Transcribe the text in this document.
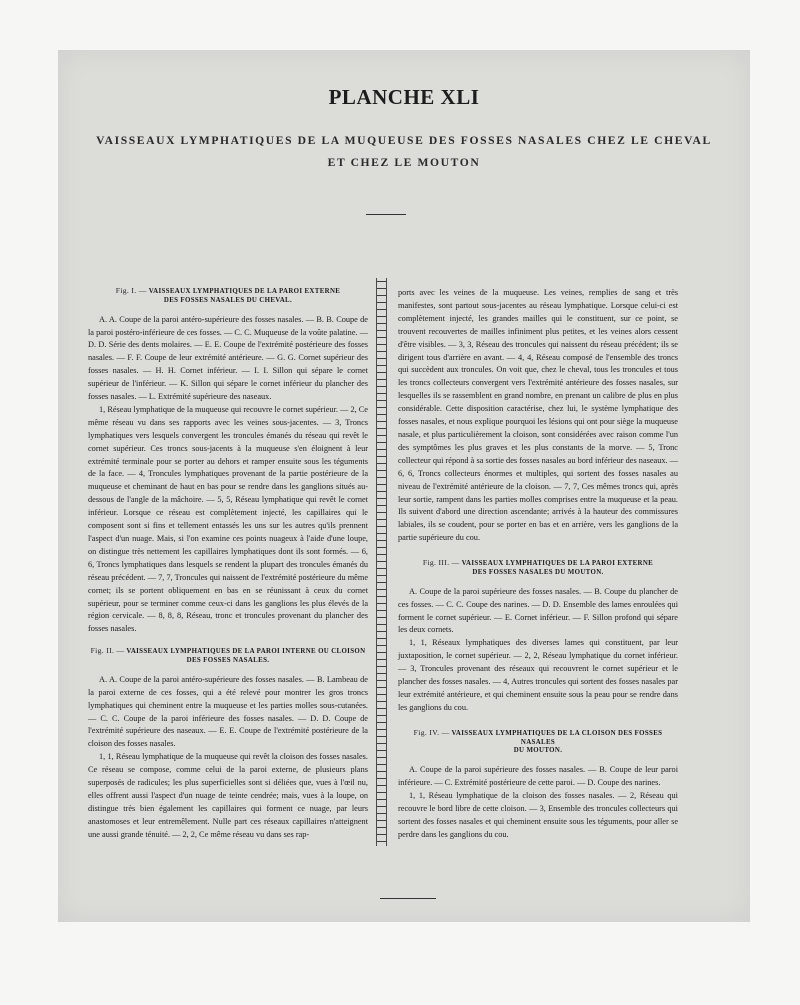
PLANCHE XLI
VAISSEAUX LYMPHATIQUES DE LA MUQUEUSE DES FOSSES NASALES CHEZ LE CHEVAL
ET CHEZ LE MOUTON
Fig. I. — VAISSEAUX LYMPHATIQUES DE LA PAROI EXTERNE
DES FOSSES NASALES DU CHEVAL.

A. A. Coupe de la paroi antéro-supérieure des fosses nasales. — B. B. Coupe de la paroi postéro-inférieure de ces fosses. — C. C. Muqueuse de la voûte palatine. — D. D. Série des dents molaires. — E. E. Coupe de l'extrémité postérieure des fosses nasales. — F. F. Coupe de leur extrémité antérieure. — G. G. Cornet supérieur des fosses nasales. — H. H. Cornet inférieur. — I. I. Sillon qui sépare le cornet supérieur de l'inférieur. — K. Sillon qui sépare le cornet inférieur du plancher des fosses nasales. — L. Extrémité supérieure des naseaux.

1, Réseau lymphatique de la muqueuse qui recouvre le cornet supérieur. — 2, Ce même réseau vu dans ses rapports avec les veines sous-jacentes. — 3, Troncs lymphatiques vers lesquels convergent les troncules émanés du réseau qui revêt le cornet supérieur. Ces troncs sous-jacents à la muqueuse s'en éloignent à leur extrémité terminale pour se porter au dehors et ramper ensuite sous les téguments de la face. — 4, Troncules lymphatiques provenant de la partie postérieure de la muqueuse et cheminant de haut en bas pour se rendre dans les ganglions situés au-dessous de l'angle de la mâchoire. — 5, 5, Réseau lymphatique qui revêt le cornet inférieur. Lorsque ce réseau est complètement injecté, les capillaires qui le composent sont si fins et tellement entassés les uns sur les autres qu'ils prennent l'aspect d'un nuage. Mais, si l'on examine ces points nuageux à l'aide d'une loupe, on distingue très nettement les capillaires lymphatiques dont ils sont formés. — 6, 6, Troncs lymphatiques dans lesquels se rendent la plupart des troncules émanés du réseau précédent. — 7, 7, Troncules qui naissent de l'extrémité postérieure du même cornet; ils se portent obliquement en bas en se réunissant à ceux du cornet supérieur, pour se terminer comme ceux-ci dans les ganglions les plus élevés de la région cervicale. — 8, 8, 8, Réseau, tronc et troncules provenant du plancher des fosses nasales.

Fig. II. — VAISSEAUX LYMPHATIQUES DE LA PAROI INTERNE OU CLOISON
DES FOSSES NASALES.

A. A. Coupe de la paroi antéro-supérieure des fosses nasales. — B. Lambeau de la paroi externe de ces fosses, qui a été relevé pour montrer les gros troncs lymphatiques qui cheminent entre la muqueuse et les parties molles sous-cutanées. — C. C. Coupe de la paroi inférieure des fosses nasales. — D. D. Coupe de l'extrémité supérieure des naseaux. — E. E. Coupe de l'extrémité postérieure de la cloison des fosses nasales.

1, 1, Réseau lymphatique de la muqueuse qui revêt la cloison des fosses nasales. Ce réseau se compose, comme celui de la paroi externe, de plusieurs plans superposés de radicules; les plus superficielles sont si déliées que, vues à l'œil nu, elles offrent aussi l'aspect d'un nuage de teinte cendrée; mais, vues à la loupe, on distingue très bien également les capillaires qui forment ce nuage, par leurs anastomoses et leur entremêlement. Nulle part ces réseaux capillaires n'atteignent une aussi grande ténuité. — 2, 2, Ce même réseau vu dans ses rap-

ports avec les veines de la muqueuse. Les veines, remplies de sang et très manifestes, sont partout sous-jacentes au réseau lymphatique. Lorsque celui-ci est complètement injecté, les grandes mailles qui le constituent, sur ce point, se trouvent recouvertes de mailles infiniment plus petites, et les veines alors cessent d'être visibles. — 3, 3, Réseau des troncules qui naissent du réseau précédent; ils se dirigent tous d'arrière en avant. — 4, 4, Réseau composé de l'ensemble des troncs qui succèdent aux troncules. On voit que, chez le cheval, tous les troncules et tous les troncs collecteurs convergent vers l'extrémité antérieure des fosses nasales, sur lesquelles ils se rassemblent en grand nombre, en prenant un calibre de plus en plus considérable. Cette disposition caractérise, chez lui, le système lymphatique des fosses nasales, et nous explique pourquoi les lésions qui ont pour siège la muqueuse nasale, et plus particulièrement la cloison, sont considérées avec raison comme l'un des symptômes les plus graves et les plus constants de la morve. — 5, Tronc collecteur qui répond à sa sortie des fosses nasales au bord inférieur des naseaux. — 6, 6, Troncs collecteurs énormes et multiples, qui sortent des fosses nasales au niveau de l'extrémité antérieure de la cloison. — 7, 7, Ces mêmes troncs qui, après leur sortie, rampent dans les parties molles comprises entre la muqueuse et la peau. Ils suivent d'abord une direction ascendante; arrivés à la hauteur des commissures labiales, ils se coudent, pour se porter en bas et en arrière, vers les ganglions de la partie supérieure du cou.

Fig. III. — VAISSEAUX LYMPHATIQUES DE LA PAROI EXTERNE
DES FOSSES NASALES DU MOUTON.

A. Coupe de la paroi supérieure des fosses nasales. — B. Coupe du plancher de ces fosses. — C. C. Coupe des narines. — D. D. Ensemble des lames enroulées qui forment le cornet supérieur. — E. Cornet inférieur. — F. Sillon profond qui sépare les deux cornets.

1, 1, Réseaux lymphatiques des diverses lames qui constituent, par leur juxtaposition, le cornet supérieur. — 2, 2, Réseau lymphatique du cornet inférieur. — 3, Troncules provenant des réseaux qui recouvrent le cornet supérieur et le plancher des fosses nasales. — 4, Autres troncules qui sortent des fosses nasales par leur extrémité antérieure, et qui cheminent ensuite sous la peau pour se rendre dans les ganglions du cou.

Fig. IV. — VAISSEAUX LYMPHATIQUES DE LA CLOISON DES FOSSES NASALES
DU MOUTON.

A. Coupe de la paroi supérieure des fosses nasales. — B. Coupe de leur paroi inférieure. — C. Extrémité postérieure de cette paroi. — D. Coupe des narines.

1, 1, Réseau lymphatique de la cloison des fosses nasales. — 2, Réseau qui recouvre le bord libre de cette cloison. — 3, Ensemble des troncules collecteurs qui sortent des fosses nasales et qui cheminent ensuite sous les téguments, pour aller se perdre dans les ganglions du cou.
